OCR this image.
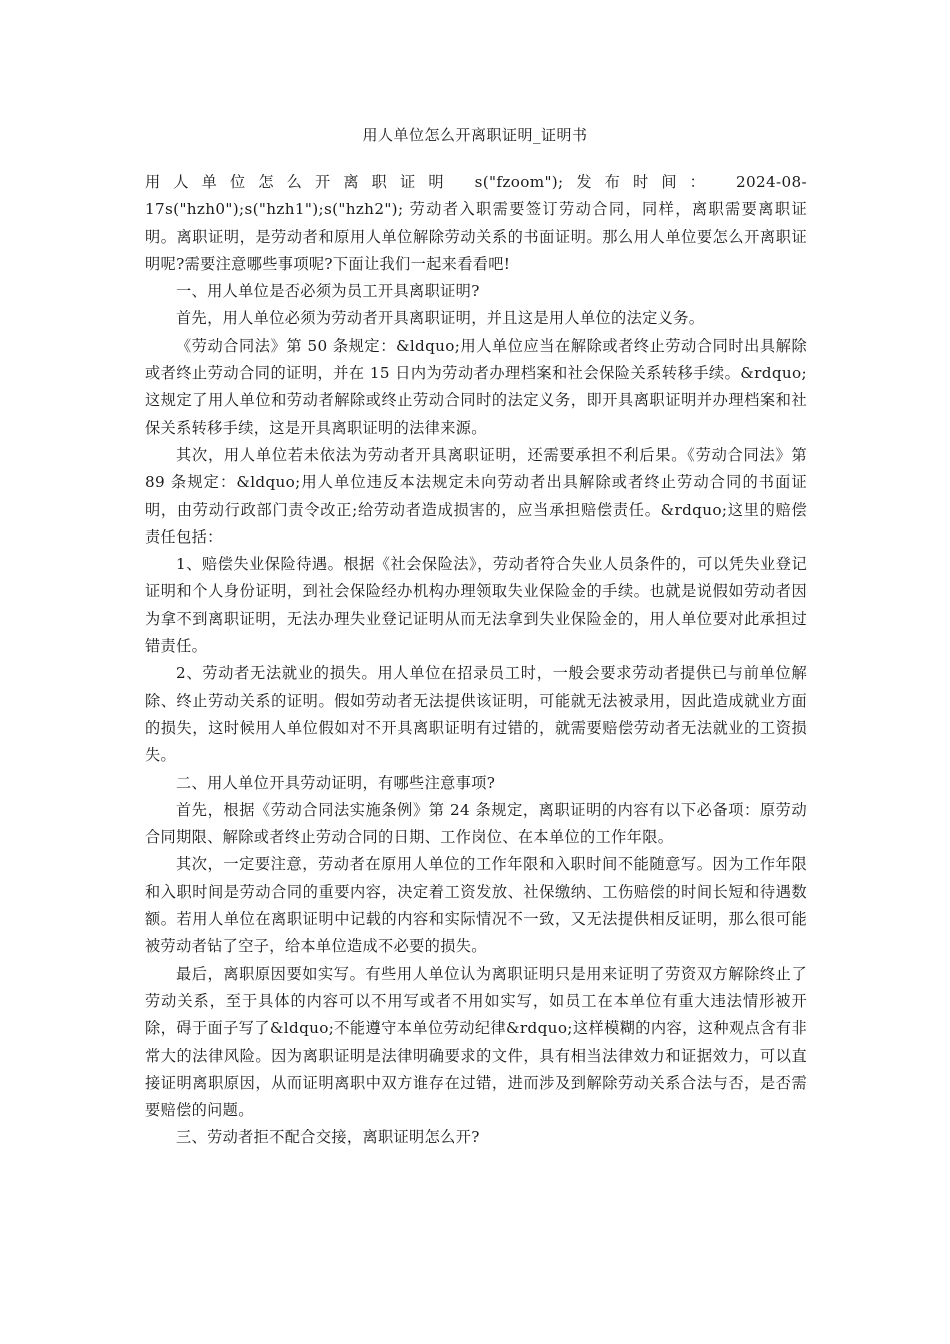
用人单位怎么开离职证明_证明书

用人单位怎么开离职证明 s("fzoom");发布时间： 2024-08-17s("hzh0");s("hzh1");s("hzh2"); 劳动者入职需要签订劳动合同，同样，离职需要离职证明。离职证明，是劳动者和原用人单位解除劳动关系的书面证明。那么用人单位要怎么开离职证明呢?需要注意哪些事项呢?下面让我们一起来看看吧!

一、用人单位是否必须为员工开具离职证明?

首先，用人单位必须为劳动者开具离职证明，并且这是用人单位的法定义务。

《劳动合同法》第 50 条规定：&ldquo;用人单位应当在解除或者终止劳动合同时出具解除或者终止劳动合同的证明，并在 15 日内为劳动者办理档案和社会保险关系转移手续。&rdquo;这规定了用人单位和劳动者解除或终止劳动合同时的法定义务，即开具离职证明并办理档案和社保关系转移手续，这是开具离职证明的法律来源。

其次，用人单位若未依法为劳动者开具离职证明，还需要承担不利后果。《劳动合同法》第 89 条规定：&ldquo;用人单位违反本法规定未向劳动者出具解除或者终止劳动合同的书面证明，由劳动行政部门责令改正;给劳动者造成损害的，应当承担赔偿责任。&rdquo;这里的赔偿责任包括：

1、赔偿失业保险待遇。根据《社会保险法》，劳动者符合失业人员条件的，可以凭失业登记证明和个人身份证明，到社会保险经办机构办理领取失业保险金的手续。也就是说假如劳动者因为拿不到离职证明，无法办理失业登记证明从而无法拿到失业保险金的，用人单位要对此承担过错责任。

2、劳动者无法就业的损失。用人单位在招录员工时，一般会要求劳动者提供已与前单位解除、终止劳动关系的证明。假如劳动者无法提供该证明，可能就无法被录用，因此造成就业方面的损失，这时候用人单位假如对不开具离职证明有过错的，就需要赔偿劳动者无法就业的工资损失。

二、用人单位开具劳动证明，有哪些注意事项?

首先，根据《劳动合同法实施条例》第 24 条规定，离职证明的内容有以下必备项：原劳动合同期限、解除或者终止劳动合同的日期、工作岗位、在本单位的工作年限。

其次，一定要注意，劳动者在原用人单位的工作年限和入职时间不能随意写。因为工作年限和入职时间是劳动合同的重要内容，决定着工资发放、社保缴纳、工伤赔偿的时间长短和待遇数额。若用人单位在离职证明中记载的内容和实际情况不一致，又无法提供相反证明，那么很可能被劳动者钻了空子，给本单位造成不必要的损失。

最后，离职原因要如实写。有些用人单位认为离职证明只是用来证明了劳资双方解除终止了劳动关系，至于具体的内容可以不用写或者不用如实写，如员工在本单位有重大违法情形被开除，碍于面子写了&ldquo;不能遵守本单位劳动纪律&rdquo;这样模糊的内容，这种观点含有非常大的法律风险。因为离职证明是法律明确要求的文件，具有相当法律效力和证据效力，可以直接证明离职原因，从而证明离职中双方谁存在过错，进而涉及到解除劳动关系合法与否，是否需要赔偿的问题。

三、劳动者拒不配合交接，离职证明怎么开?
